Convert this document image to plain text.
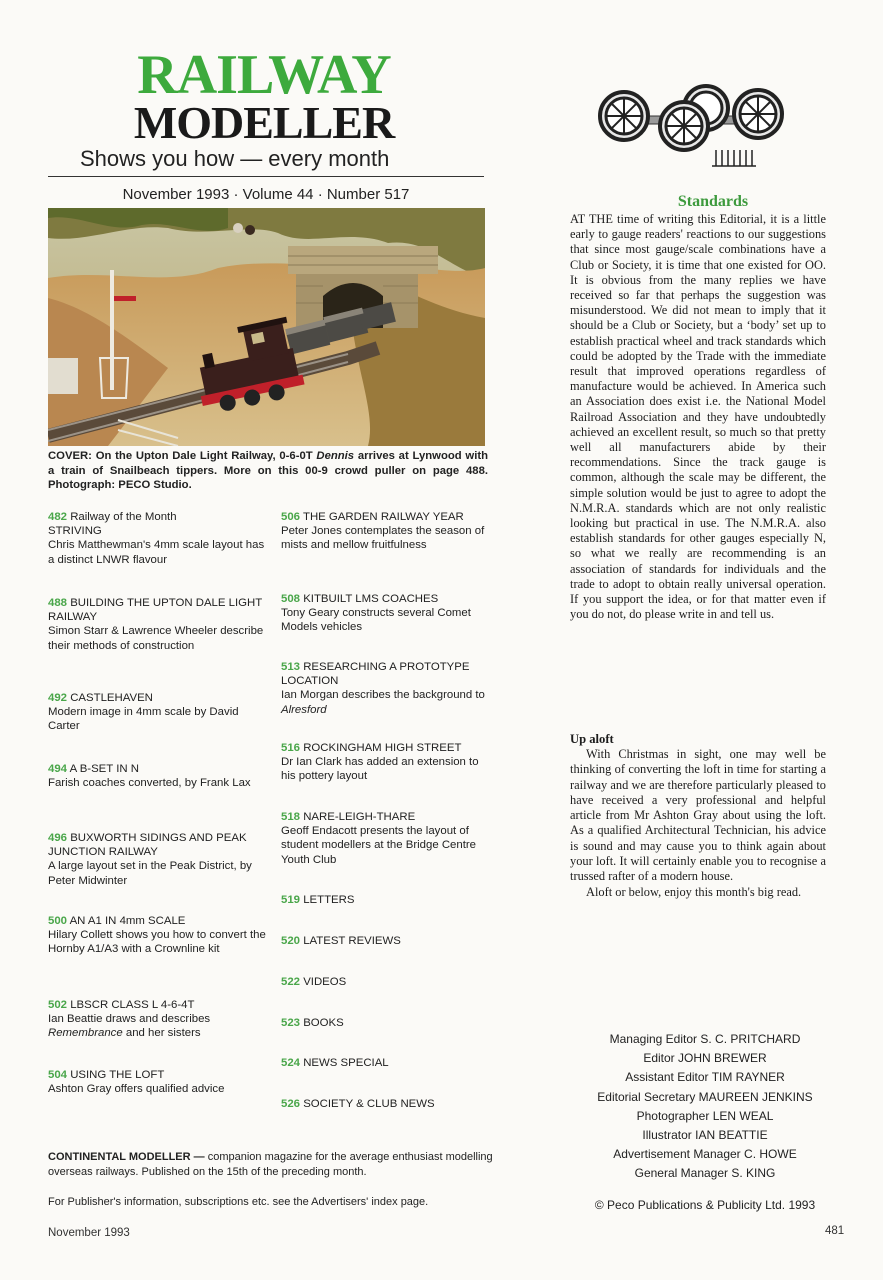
RAILWAY
MODELLER
Shows you how — every month
November 1993 · Volume 44 · Number 517
COVER: On the Upton Dale Light Railway, 0-6-0T Dennis arrives at Lynwood with a train of Snailbeach tippers. More on this 00-9 crowd puller on page 488. Photograph: PECO Studio.
482 Railway of the Month
STRIVING
Chris Matthewman's 4mm scale layout has a distinct LNWR flavour
488 BUILDING THE UPTON DALE LIGHT RAILWAY
Simon Starr & Lawrence Wheeler describe their methods of construction
492 CASTLEHAVEN
Modern image in 4mm scale by David Carter
494 A B-SET IN N
Farish coaches converted, by Frank Lax
496 BUXWORTH SIDINGS AND PEAK JUNCTION RAILWAY
A large layout set in the Peak District, by Peter Midwinter
500 AN A1 IN 4mm SCALE
Hilary Collett shows you how to convert the Hornby A1/A3 with a Crownline kit
502 LBSCR CLASS L 4-6-4T
Ian Beattie draws and describes Remembrance and her sisters
504 USING THE LOFT
Ashton Gray offers qualified advice
506 THE GARDEN RAILWAY YEAR
Peter Jones contemplates the season of mists and mellow fruitfulness
508 KITBUILT LMS COACHES
Tony Geary constructs several Comet Models vehicles
513 RESEARCHING A PROTOTYPE LOCATION
Ian Morgan describes the background to Alresford
516 ROCKINGHAM HIGH STREET
Dr Ian Clark has added an extension to his pottery layout
518 NARE-LEIGH-THARE
Geoff Endacott presents the layout of student modellers at the Bridge Centre Youth Club
519 LETTERS
520 LATEST REVIEWS
522 VIDEOS
523 BOOKS
524 NEWS SPECIAL
526 SOCIETY & CLUB NEWS
CONTINENTAL MODELLER — companion magazine for the average enthusiast modelling overseas railways. Published on the 15th of the preceding month.
For Publisher's information, subscriptions etc. see the Advertisers' index page.
Standards

AT THE time of writing this Editorial, it is a little early to gauge readers' reactions to our suggestions that since most gauge/scale combinations have a Club or Society, it is time that one existed for OO. It is obvious from the many replies we have received so far that perhaps the suggestion was misunderstood. We did not mean to imply that it should be a Club or Society, but a ‘body’ set up to establish practical wheel and track standards which could be adopted by the Trade with the immediate result that improved operations regardless of manufacture would be achieved. In America such an Association does exist i.e. the National Model Railroad Association and they have undoubtedly achieved an excellent result, so much so that pretty well all manufacturers abide by their recommendations. Since the track gauge is common, although the scale may be different, the simple solution would be just to agree to adopt the N.M.R.A. standards which are not only realistic looking but practical in use. The N.M.R.A. also establish standards for other gauges especially N, so what we really are recommending is an association of standards for individuals and the trade to adopt to obtain really universal operation. If you support the idea, or for that matter even if you do not, do please write in and tell us.

Up aloft

With Christmas in sight, one may well be thinking of converting the loft in time for starting a railway and we are therefore particularly pleased to have received a very professional and helpful article from Mr Ashton Gray about using the loft. As a qualified Architectural Technician, his advice is sound and may cause you to think again about your loft. It will certainly enable you to recognise a trussed rafter of a modern house.

Aloft or below, enjoy this month's big read.

Managing Editor S. C. PRITCHARD
Editor JOHN BREWER
Assistant Editor TIM RAYNER
Editorial Secretary MAUREEN JENKINS
Photographer LEN WEAL
Illustrator IAN BEATTIE
Advertisement Manager C. HOWE
General Manager S. KING
© Peco Publications & Publicity Ltd. 1993
November 1993	481
